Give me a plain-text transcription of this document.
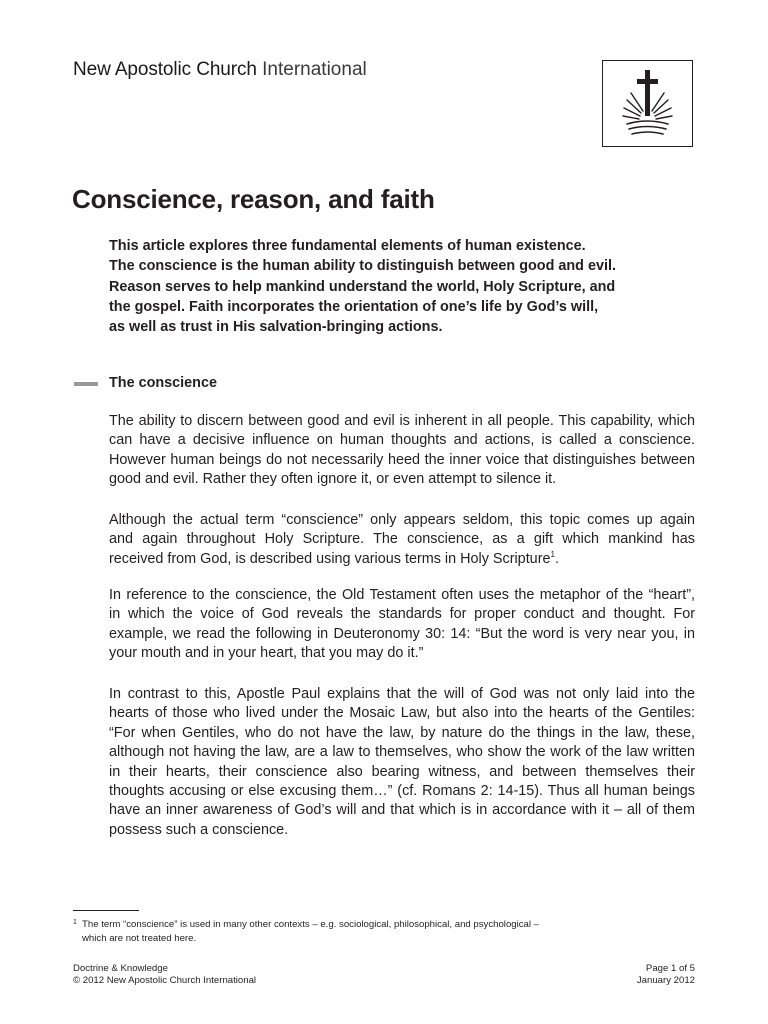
New Apostolic Church International
Conscience, reason, and faith

This article explores three fundamental elements of human existence.
The conscience is the human ability to distinguish between good and evil.
Reason serves to help mankind understand the world, Holy Scripture, and
the gospel. Faith incorporates the orientation of one’s life by God’s will,
as well as trust in His salvation-bringing actions.

The conscience

The ability to discern between good and evil is inherent in all people. This capability, which
can have a decisive influence on human thoughts and actions, is called a conscience.
However human beings do not necessarily heed the inner voice that distinguishes between
good and evil. Rather they often ignore it, or even attempt to silence it.

Although the actual term “conscience” only appears seldom, this topic comes up again
and again throughout Holy Scripture. The conscience, as a gift which mankind has
received from God, is described using various terms in Holy Scripture$^1$.

In reference to the conscience, the Old Testament often uses the metaphor of the “heart”,
in which the voice of God reveals the standards for proper conduct and thought. For
example, we read the following in Deuteronomy 30: 14: “But the word is very near you, in
your mouth and in your heart, that you may do it.”

In contrast to this, Apostle Paul explains that the will of God was not only laid into the
hearts of those who lived under the Mosaic Law, but also into the hearts of the Gentiles:
“For when Gentiles, who do not have the law, by nature do the things in the law, these,
although not having the law, are a law to themselves, who show the work of the law written
in their hearts, their conscience also bearing witness, and between themselves their
thoughts accusing or else excusing them…” (cf. Romans 2: 14-15). Thus all human beings
have an inner awareness of God’s will and that which is in accordance with it – all of them
possess such a conscience.

1 The term “conscience” is used in many other contexts – e.g. sociological, philosophical, and psychological –
which are not treated here.
Doctrine & Knowledge
© 2012 New Apostolic Church International
Page 1 of 5
January 2012
